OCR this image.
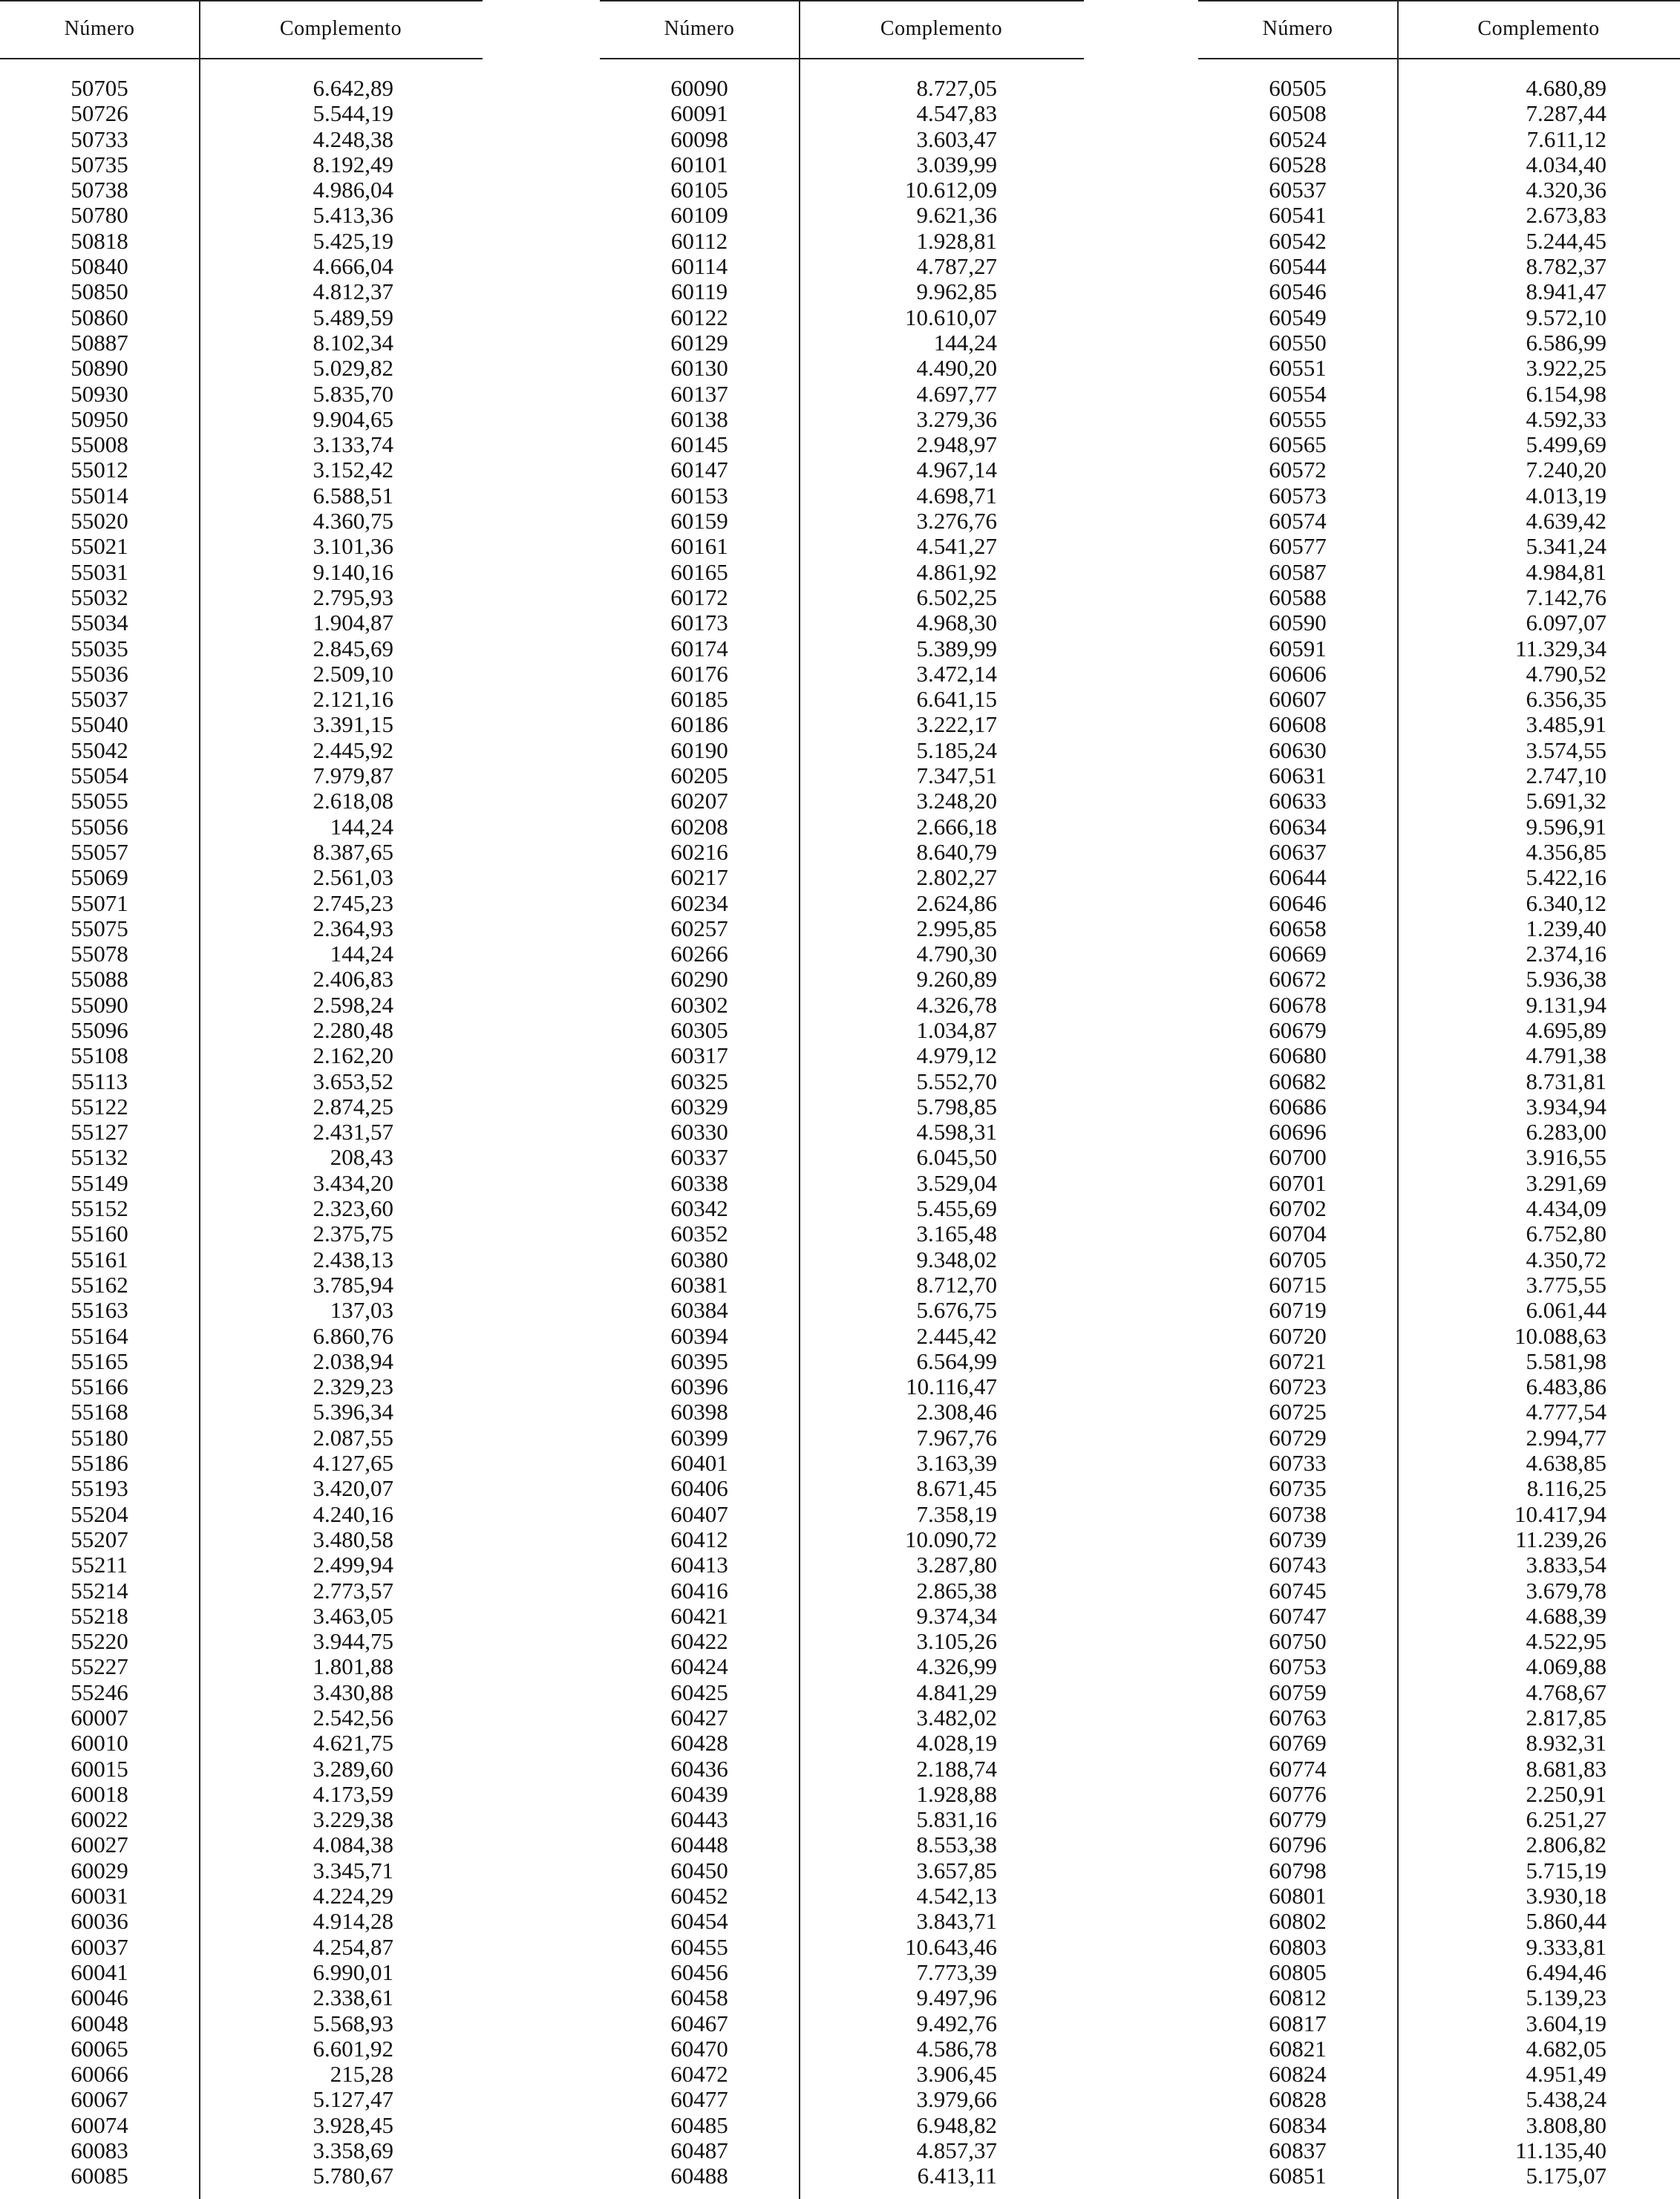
Número	Complemento
50705	6.642,89
50726	5.544,19
50733	4.248,38
50735	8.192,49
50738	4.986,04
50780	5.413,36
50818	5.425,19
50840	4.666,04
50850	4.812,37
50860	5.489,59
50887	8.102,34
50890	5.029,82
50930	5.835,70
50950	9.904,65
55008	3.133,74
55012	3.152,42
55014	6.588,51
55020	4.360,75
55021	3.101,36
55031	9.140,16
55032	2.795,93
55034	1.904,87
55035	2.845,69
55036	2.509,10
55037	2.121,16
55040	3.391,15
55042	2.445,92
55054	7.979,87
55055	2.618,08
55056	144,24
55057	8.387,65
55069	2.561,03
55071	2.745,23
55075	2.364,93
55078	144,24
55088	2.406,83
55090	2.598,24
55096	2.280,48
55108	2.162,20
55113	3.653,52
55122	2.874,25
55127	2.431,57
55132	208,43
55149	3.434,20
55152	2.323,60
55160	2.375,75
55161	2.438,13
55162	3.785,94
55163	137,03
55164	6.860,76
55165	2.038,94
55166	2.329,23
55168	5.396,34
55180	2.087,55
55186	4.127,65
55193	3.420,07
55204	4.240,16
55207	3.480,58
55211	2.499,94
55214	2.773,57
55218	3.463,05
55220	3.944,75
55227	1.801,88
55246	3.430,88
60007	2.542,56
60010	4.621,75
60015	3.289,60
60018	4.173,59
60022	3.229,38
60027	4.084,38
60029	3.345,71
60031	4.224,29
60036	4.914,28
60037	4.254,87
60041	6.990,01
60046	2.338,61
60048	5.568,93
60065	6.601,92
60066	215,28
60067	5.127,47
60074	3.928,45
60083	3.358,69
60085	5.780,67
Número	Complemento
60090	8.727,05
60091	4.547,83
60098	3.603,47
60101	3.039,99
60105	10.612,09
60109	9.621,36
60112	1.928,81
60114	4.787,27
60119	9.962,85
60122	10.610,07
60129	144,24
60130	4.490,20
60137	4.697,77
60138	3.279,36
60145	2.948,97
60147	4.967,14
60153	4.698,71
60159	3.276,76
60161	4.541,27
60165	4.861,92
60172	6.502,25
60173	4.968,30
60174	5.389,99
60176	3.472,14
60185	6.641,15
60186	3.222,17
60190	5.185,24
60205	7.347,51
60207	3.248,20
60208	2.666,18
60216	8.640,79
60217	2.802,27
60234	2.624,86
60257	2.995,85
60266	4.790,30
60290	9.260,89
60302	4.326,78
60305	1.034,87
60317	4.979,12
60325	5.552,70
60329	5.798,85
60330	4.598,31
60337	6.045,50
60338	3.529,04
60342	5.455,69
60352	3.165,48
60380	9.348,02
60381	8.712,70
60384	5.676,75
60394	2.445,42
60395	6.564,99
60396	10.116,47
60398	2.308,46
60399	7.967,76
60401	3.163,39
60406	8.671,45
60407	7.358,19
60412	10.090,72
60413	3.287,80
60416	2.865,38
60421	9.374,34
60422	3.105,26
60424	4.326,99
60425	4.841,29
60427	3.482,02
60428	4.028,19
60436	2.188,74
60439	1.928,88
60443	5.831,16
60448	8.553,38
60450	3.657,85
60452	4.542,13
60454	3.843,71
60455	10.643,46
60456	7.773,39
60458	9.497,96
60467	9.492,76
60470	4.586,78
60472	3.906,45
60477	3.979,66
60485	6.948,82
60487	4.857,37
60488	6.413,11
Número	Complemento
60505	4.680,89
60508	7.287,44
60524	7.611,12
60528	4.034,40
60537	4.320,36
60541	2.673,83
60542	5.244,45
60544	8.782,37
60546	8.941,47
60549	9.572,10
60550	6.586,99
60551	3.922,25
60554	6.154,98
60555	4.592,33
60565	5.499,69
60572	7.240,20
60573	4.013,19
60574	4.639,42
60577	5.341,24
60587	4.984,81
60588	7.142,76
60590	6.097,07
60591	11.329,34
60606	4.790,52
60607	6.356,35
60608	3.485,91
60630	3.574,55
60631	2.747,10
60633	5.691,32
60634	9.596,91
60637	4.356,85
60644	5.422,16
60646	6.340,12
60658	1.239,40
60669	2.374,16
60672	5.936,38
60678	9.131,94
60679	4.695,89
60680	4.791,38
60682	8.731,81
60686	3.934,94
60696	6.283,00
60700	3.916,55
60701	3.291,69
60702	4.434,09
60704	6.752,80
60705	4.350,72
60715	3.775,55
60719	6.061,44
60720	10.088,63
60721	5.581,98
60723	6.483,86
60725	4.777,54
60729	2.994,77
60733	4.638,85
60735	8.116,25
60738	10.417,94
60739	11.239,26
60743	3.833,54
60745	3.679,78
60747	4.688,39
60750	4.522,95
60753	4.069,88
60759	4.768,67
60763	2.817,85
60769	8.932,31
60774	8.681,83
60776	2.250,91
60779	6.251,27
60796	2.806,82
60798	5.715,19
60801	3.930,18
60802	5.860,44
60803	9.333,81
60805	6.494,46
60812	5.139,23
60817	3.604,19
60821	4.682,05
60824	4.951,49
60828	5.438,24
60834	3.808,80
60837	11.135,40
60851	5.175,07
